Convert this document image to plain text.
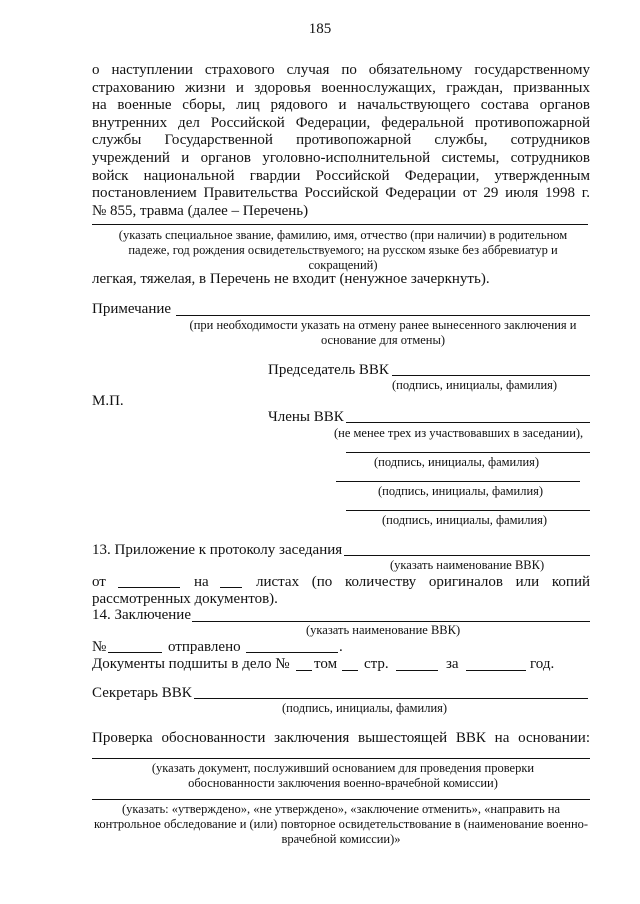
185
о наступлении страхового случая по обязательному государственному
страхованию жизни и здоровья военнослужащих, граждан, призванных
на военные сборы, лиц рядового и начальствующего состава органов
внутренних дел Российской Федерации, федеральной противопожарной
службы Государственной противопожарной службы, сотрудников
учреждений и органов уголовно-исполнительной системы, сотрудников
войск национальной гвардии Российской Федерации, утвержденным
постановлением Правительства Российской Федерации от 29 июля 1998 г.
№ 855, травма (далее – Перечень)
(указать специальное звание, фамилию, имя, отчество (при наличии) в родительном падеже, год рождения освидетельствуемого; на русском языке без аббревиатур и сокращений)
легкая, тяжелая, в Перечень не входит (ненужное зачеркнуть).
Примечание
(при необходимости указать на отмену ранее вынесенного заключения и основание для отмены)
Председатель ВВК
(подпись, инициалы, фамилия)
М.П.
Члены ВВК
(не менее трех из участвовавших в заседании),
(подпись, инициалы, фамилия)
(подпись, инициалы, фамилия)
(подпись, инициалы, фамилия)
13. Приложение к протоколу заседания
(указать наименование ВВК)
от	на	листах (по количеству оригиналов или копий
рассмотренных документов).
14. Заключение
(указать наименование ВВК)
№	отправлено	.
Документы подшиты в дело № том стр.	за	год.
Секретарь ВВК
(подпись, инициалы, фамилия)
Проверка обоснованности заключения вышестоящей ВВК на основании:
(указать документ, послуживший основанием для проведения проверки обоснованности заключения военно-врачебной комиссии)
(указать: «утверждено», «не утверждено», «заключение отменить», «направить на контрольное обследование и (или) повторное освидетельствование в (наименование военно-врачебной комиссии)»
